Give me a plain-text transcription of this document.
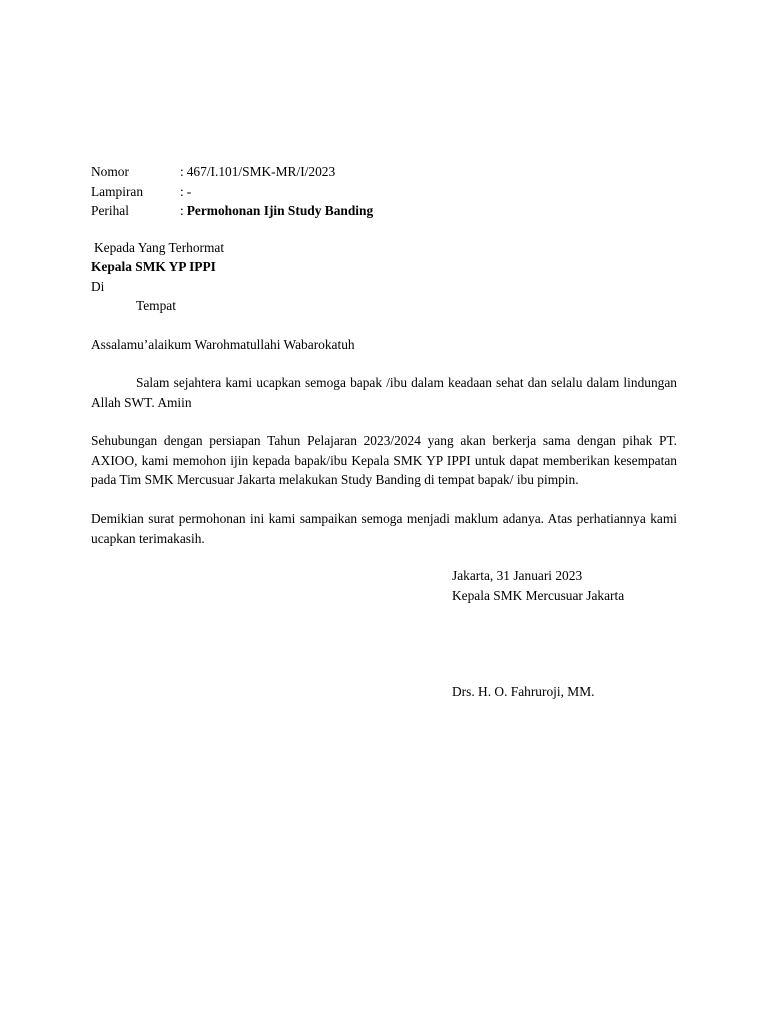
Nomor	: 467/I.101/SMK-MR/I/2023
Lampiran	: -
Perihal	: Permohonan Ijin Study Banding
Kepada Yang Terhormat
Kepala SMK YP IPPI
Di
Tempat
Assalamu’alaikum Warohmatullahi Wabarokatuh
Salam sejahtera kami ucapkan semoga bapak /ibu dalam keadaan sehat dan selalu dalam lindungan Allah SWT. Amiin
Sehubungan dengan persiapan Tahun Pelajaran 2023/2024 yang akan berkerja sama dengan pihak PT. AXIOO, kami memohon ijin kepada bapak/ibu Kepala SMK YP IPPI untuk dapat memberikan kesempatan pada Tim SMK Mercusuar Jakarta melakukan Study Banding di tempat bapak/ ibu pimpin.
Demikian surat permohonan ini kami sampaikan semoga menjadi maklum adanya. Atas perhatiannya kami ucapkan terimakasih.
Jakarta, 31 Januari 2023
Kepala SMK Mercusuar Jakarta
Drs. H. O. Fahruroji, MM.
